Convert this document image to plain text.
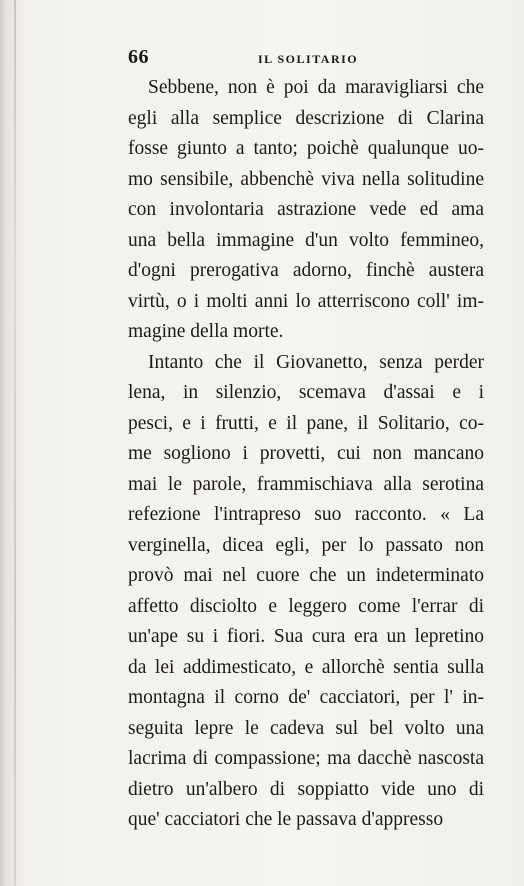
66	IL SOLITARIO
Sebbene, non è poi da maravigliarsi che
egli alla semplice descrizione di Clarina
fosse giunto a tanto; poichè qualunque uo-
mo sensibile, abbenchè viva nella solitudine
con involontaria astrazione vede ed ama
una bella immagine d'un volto femmineo,
d'ogni prerogativa adorno, finchè austera
virtù, o i molti anni lo atterriscono coll' im-
magine della morte.
Intanto che il Giovanetto, senza perder
lena, in silenzio, scemava d'assai e i
pesci, e i frutti, e il pane, il Solitario, co-
me sogliono i provetti, cui non mancano
mai le parole, frammischiava alla serotina
refezione l'intrapreso suo racconto. « La
verginella, dicea egli, per lo passato non
provò mai nel cuore che un indeterminato
affetto disciolto e leggero come l'errar di
un'ape su i fiori. Sua cura era un lepretino
da lei addimesticato, e allorchè sentia sulla
montagna il corno de' cacciatori, per l' in-
seguita lepre le cadeva sul bel volto una
lacrima di compassione; ma dacchè nascosta
dietro un'albero di soppiatto vide uno di
que' cacciatori che le passava d'appresso
